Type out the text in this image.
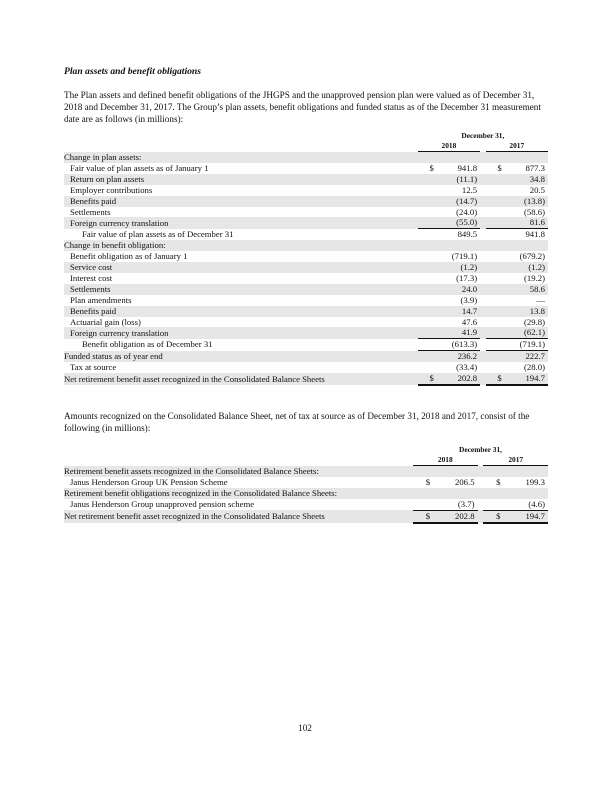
Plan assets and benefit obligations
The Plan assets and defined benefit obligations of the JHGPS and the unapproved pension plan were valued as of December 31, 2018 and December 31, 2017. The Group’s plan assets, benefit obligations and funded status as of the December 31 measurement date are as follows (in millions):
	December 31,				
	2018			2017	
Change in plan assets:					
Fair value of plan assets as of January 1	$	941.8		$	877.3
Return on plan assets		(11.1)			34.8
Employer contributions		12.5			20.5
Benefits paid		(14.7)			(13.8)
Settlements		(24.0)			(58.6)
Foreign currency translation		(55.0)			81.6
Fair value of plan assets as of December 31		849.5			941.8
Change in benefit obligation:					
Benefit obligation as of January 1		(719.1)			(679.2)
Service cost		(1.2)			(1.2)
Interest cost		(17.3)			(19.2)
Settlements		24.0			58.6
Plan amendments		(3.9)			—
Benefits paid		14.7			13.8
Actuarial gain (loss)		47.6			(29.8)
Foreign currency translation		41.9			(62.1)
Benefit obligation as of December 31		(613.3)			(719.1)
Funded status as of year end		236.2			222.7
Tax at source		(33.4)			(28.0)
Net retirement benefit asset recognized in the Consolidated Balance Sheets	$	202.8		$	194.7
Amounts recognized on the Consolidated Balance Sheet, net of tax at source as of December 31, 2018 and 2017, consist of the following (in millions):
	December 31,				
	2018			2017	
Retirement benefit assets recognized in the Consolidated Balance Sheets:					
Janus Henderson Group UK Pension Scheme	$	206.5		$	199.3
Retirement benefit obligations recognized in the Consolidated Balance Sheets:					
Janus Henderson Group unapproved pension scheme		(3.7)			(4.6)
Net retirement benefit asset recognized in the Consolidated Balance Sheets	$	202.8		$	194.7
102
